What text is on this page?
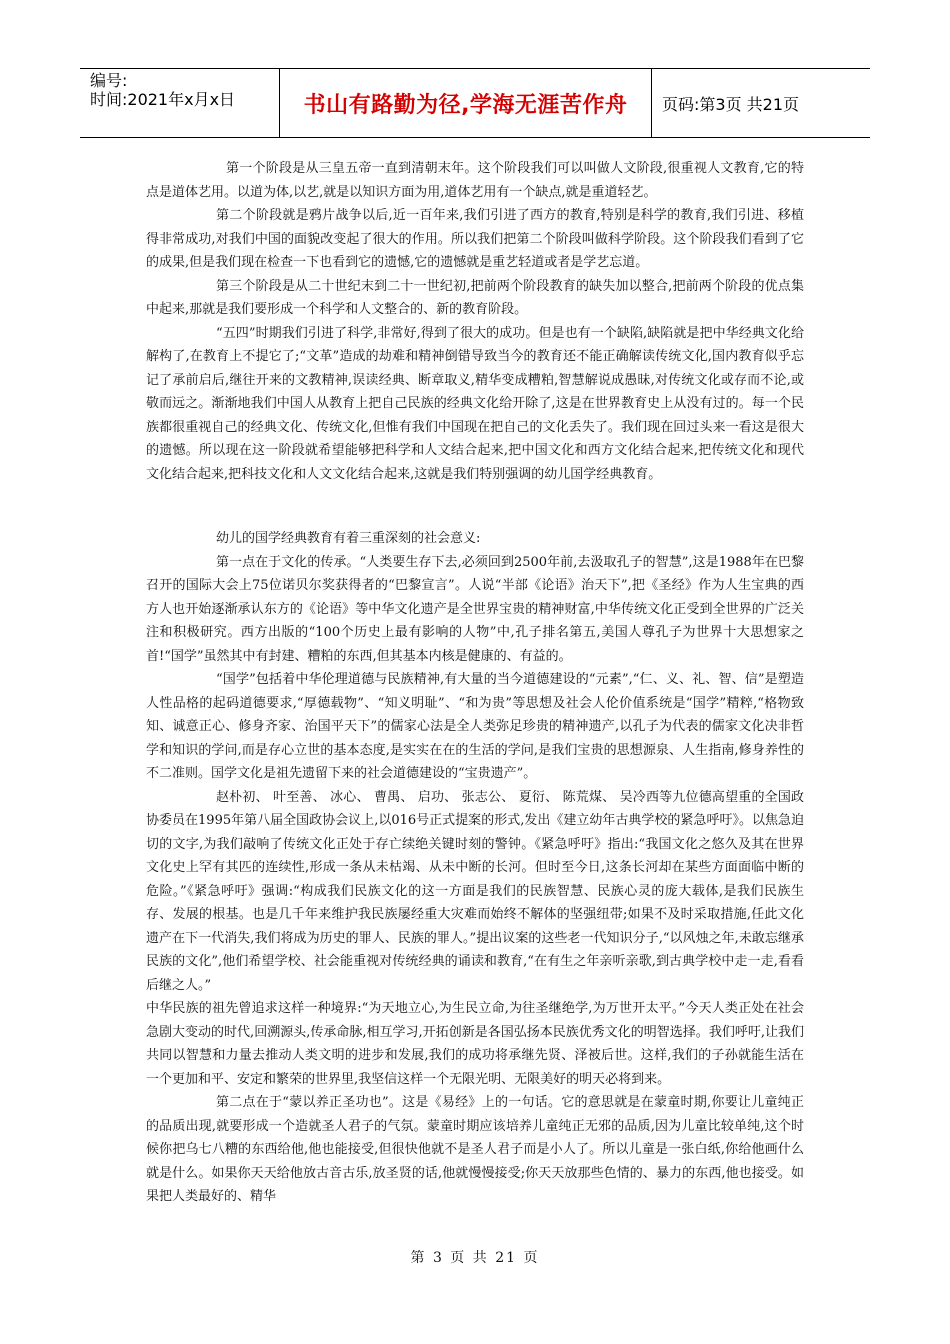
编号:
时间:2021年x月x日	书山有路勤为径,学海无涯苦作舟	页码:第3页 共21页

第一个阶段是从三皇五帝一直到清朝末年。这个阶段我们可以叫做人文阶段,很重视人文教育,它的特点是道体艺用。以道为体,以艺,就是以知识方面为用,道体艺用有一个缺点,就是重道轻艺。

第二个阶段就是鸦片战争以后,近一百年来,我们引进了西方的教育,特别是科学的教育,我们引进、移植得非常成功,对我们中国的面貌改变起了很大的作用。所以我们把第二个阶段叫做科学阶段。这个阶段我们看到了它的成果,但是我们现在检查一下也看到它的遗憾,它的遗憾就是重艺轻道或者是学艺忘道。

第三个阶段是从二十世纪末到二十一世纪初,把前两个阶段教育的缺失加以整合,把前两个阶段的优点集中起来,那就是我们要形成一个科学和人文整合的、新的教育阶段。

“五四”时期我们引进了科学,非常好,得到了很大的成功。但是也有一个缺陷,缺陷就是把中华经典文化给解构了,在教育上不提它了;“文革”造成的劫难和精神倒错导致当今的教育还不能正确解读传统文化,国内教育似乎忘记了承前启后,继往开来的文教精神,误读经典、断章取义,精华变成糟粕,智慧解说成愚昧,对传统文化或存而不论,或敬而远之。渐渐地我们中国人从教育上把自己民族的经典文化给开除了,这是在世界教育史上从没有过的。每一个民族都很重视自己的经典文化、传统文化,但惟有我们中国现在把自己的文化丢失了。我们现在回过头来一看这是很大的遗憾。所以现在这一阶段就希望能够把科学和人文结合起来,把中国文化和西方文化结合起来,把传统文化和现代文化结合起来,把科技文化和人文文化结合起来,这就是我们特别强调的幼儿国学经典教育。

幼儿的国学经典教育有着三重深刻的社会意义:

第一点在于文化的传承。“人类要生存下去,必须回到2500年前,去汲取孔子的智慧”,这是1988年在巴黎召开的国际大会上75位诺贝尔奖获得者的“巴黎宣言”。人说“半部《论语》治天下”,把《圣经》作为人生宝典的西方人也开始逐渐承认东方的《论语》等中华文化遗产是全世界宝贵的精神财富,中华传统文化正受到全世界的广泛关注和积极研究。西方出版的“100个历史上最有影响的人物”中,孔子排名第五,美国人尊孔子为世界十大思想家之首!“国学”虽然其中有封建、糟粕的东西,但其基本内核是健康的、有益的。

“国学”包括着中华伦理道德与民族精神,有大量的当今道德建设的“元素”,“仁、义、礼、智、信”是塑造人性品格的起码道德要求,“厚德载物”、“知义明耻”、“和为贵”等思想及社会人伦价值系统是“国学”精粹,“格物致知、诚意正心、修身齐家、治国平天下”的儒家心法是全人类弥足珍贵的精神遗产,以孔子为代表的儒家文化决非哲学和知识的学问,而是存心立世的基本态度,是实实在在的生活的学问,是我们宝贵的思想源泉、人生指南,修身养性的不二准则。国学文化是祖先遗留下来的社会道德建设的“宝贵遗产”。

赵朴初、 叶至善、 冰心、 曹禺、 启功、 张志公、 夏衍、 陈荒煤、 吴冷西等九位德高望重的全国政协委员在1995年第八届全国政协会议上,以016号正式提案的形式,发出《建立幼年古典学校的紧急呼吁》。以焦急迫切的文字,为我们敲响了传统文化正处于存亡续绝关键时刻的警钟。《紧急呼吁》指出:“我国文化之悠久及其在世界文化史上罕有其匹的连续性,形成一条从未枯竭、从未中断的长河。但时至今日,这条长河却在某些方面面临中断的危险。”《紧急呼吁》强调:“构成我们民族文化的这一方面是我们的民族智慧、民族心灵的庞大载体,是我们民族生存、发展的根基。也是几千年来维护我民族屡经重大灾难而始终不解体的坚强纽带;如果不及时采取措施,任此文化遗产在下一代消失,我们将成为历史的罪人、民族的罪人。”提出议案的这些老一代知识分子,“以风烛之年,未敢忘继承民族的文化”,他们希望学校、社会能重视对传统经典的诵读和教育,“在有生之年亲听亲歌,到古典学校中走一走,看看后继之人。”

中华民族的祖先曾追求这样一种境界:“为天地立心,为生民立命,为往圣继绝学,为万世开太平。”今天人类正处在社会急剧大变动的时代,回溯源头,传承命脉,相互学习,开拓创新是各国弘扬本民族优秀文化的明智选择。我们呼吁,让我们共同以智慧和力量去推动人类文明的进步和发展,我们的成功将承继先贤、泽被后世。这样,我们的子孙就能生活在一个更加和平、安定和繁荣的世界里,我坚信这样一个无限光明、无限美好的明天必将到来。

第二点在于“蒙以养正圣功也”。这是《易经》上的一句话。它的意思就是在蒙童时期,你要让儿童纯正的品质出现,就要形成一个造就圣人君子的气氛。蒙童时期应该培养儿童纯正无邪的品质,因为儿童比较单纯,这个时候你把乌七八糟的东西给他,他也能接受,但很快他就不是圣人君子而是小人了。所以儿童是一张白纸,你给他画什么就是什么。如果你天天给他放古音古乐,放圣贤的话,他就慢慢接受;你天天放那些色情的、暴力的东西,他也接受。如果把人类最好的、精华

第 3 页 共 21 页
